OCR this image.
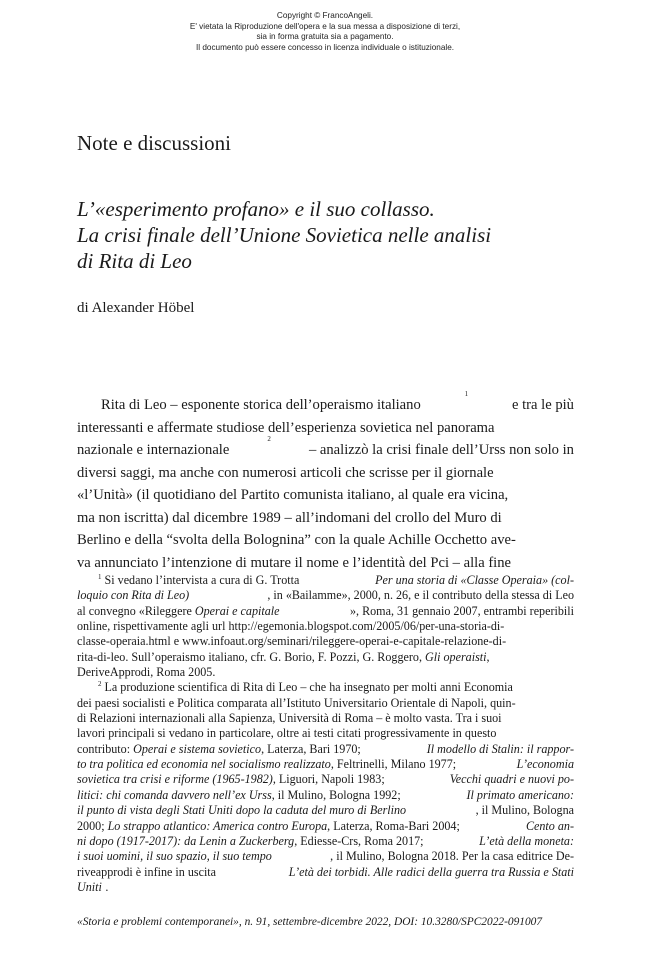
Copyright © FrancoAngeli.
E' vietata la Riproduzione dell'opera e la sua messa a disposizione di terzi,
sia in forma gratuita sia a pagamento.
Il documento può essere concesso in licenza individuale o istituzionale.
Note e discussioni
L’«esperimento profano» e il suo collasso.
La crisi finale dell’Unione Sovietica nelle analisi
di Rita di Leo
di Alexander Höbel
Rita di Leo – esponente storica dell’operaismo italiano
1
e tra le più
interessanti e affermate studiose dell’esperienza sovietica nel panorama
nazionale e internazionale
2
– analizzò la crisi finale dell’Urss non solo in
diversi saggi, ma anche con numerosi articoli che scrisse per il giornale
«l’Unità» (il quotidiano del Partito comunista italiano, al quale era vicina,
ma non iscritta) dal dicembre 1989 – all’indomani del crollo del Muro di
Berlino e della “svolta della Bolognina” con la quale Achille Occhetto ave-
va annunciato l’intenzione di mutare il nome e l’identità del Pci – alla fine
$^1$ Si vedano l’intervista a cura di G. Trotta	Per una storia di «Classe Operaia» (col-
loquio con Rita di Leo)	, in «Bailamme», 2000, n. 26, e il contributo della stessa di Leo
al convegno «Rileggere Operai e capitale	», Roma, 31 gennaio 2007, entrambi reperibili
online, rispettivamente agli url http://egemonia.blogspot.com/2005/06/per-una-storia-di-
classe-operaia.html e www.infoaut.org/seminari/rileggere-operai-e-capitale-relazione-di-
rita-di-leo. Sull’operaismo italiano, cfr. G. Borio, F. Pozzi, G. Roggero, Gli operaisti,
DeriveApprodi, Roma 2005.
$^2$ La produzione scientifica di Rita di Leo – che ha insegnato per molti anni Economia
dei paesi socialisti e Politica comparata all’Istituto Universitario Orientale di Napoli, quin-
di Relazioni internazionali alla Sapienza, Università di Roma – è molto vasta. Tra i suoi
lavori principali si vedano in particolare, oltre ai testi citati progressivamente in questo
contributo: Operai e sistema sovietico, Laterza, Bari 1970;	Il modello di Stalin: il rappor-
to tra politica ed economia nel socialismo realizzato, Feltrinelli, Milano 1977;	L’economia
sovietica tra crisi e riforme (1965-1982), Liguori, Napoli 1983;	Vecchi quadri e nuovi po-
litici: chi comanda davvero nell’ex Urss, il Mulino, Bologna 1992;	Il primato americano:
il punto di vista degli Stati Uniti dopo la caduta del muro di Berlino	, il Mulino, Bologna
2000; Lo strappo atlantico: America contro Europa, Laterza, Roma-Bari 2004;	Cento an-
ni dopo (1917-2017): da Lenin a Zuckerberg, Ediesse-Crs, Roma 2017;	L’età della moneta:
i suoi uomini, il suo spazio, il suo tempo	, il Mulino, Bologna 2018. Per la casa editrice De-
riveapprodi è infine in uscita	L’età dei torbidi. Alle radici della guerra tra Russia e Stati
Uniti .
«Storia e problemi contemporanei», n. 91, settembre-dicembre 2022, DOI: 10.3280/SPC2022-091007
